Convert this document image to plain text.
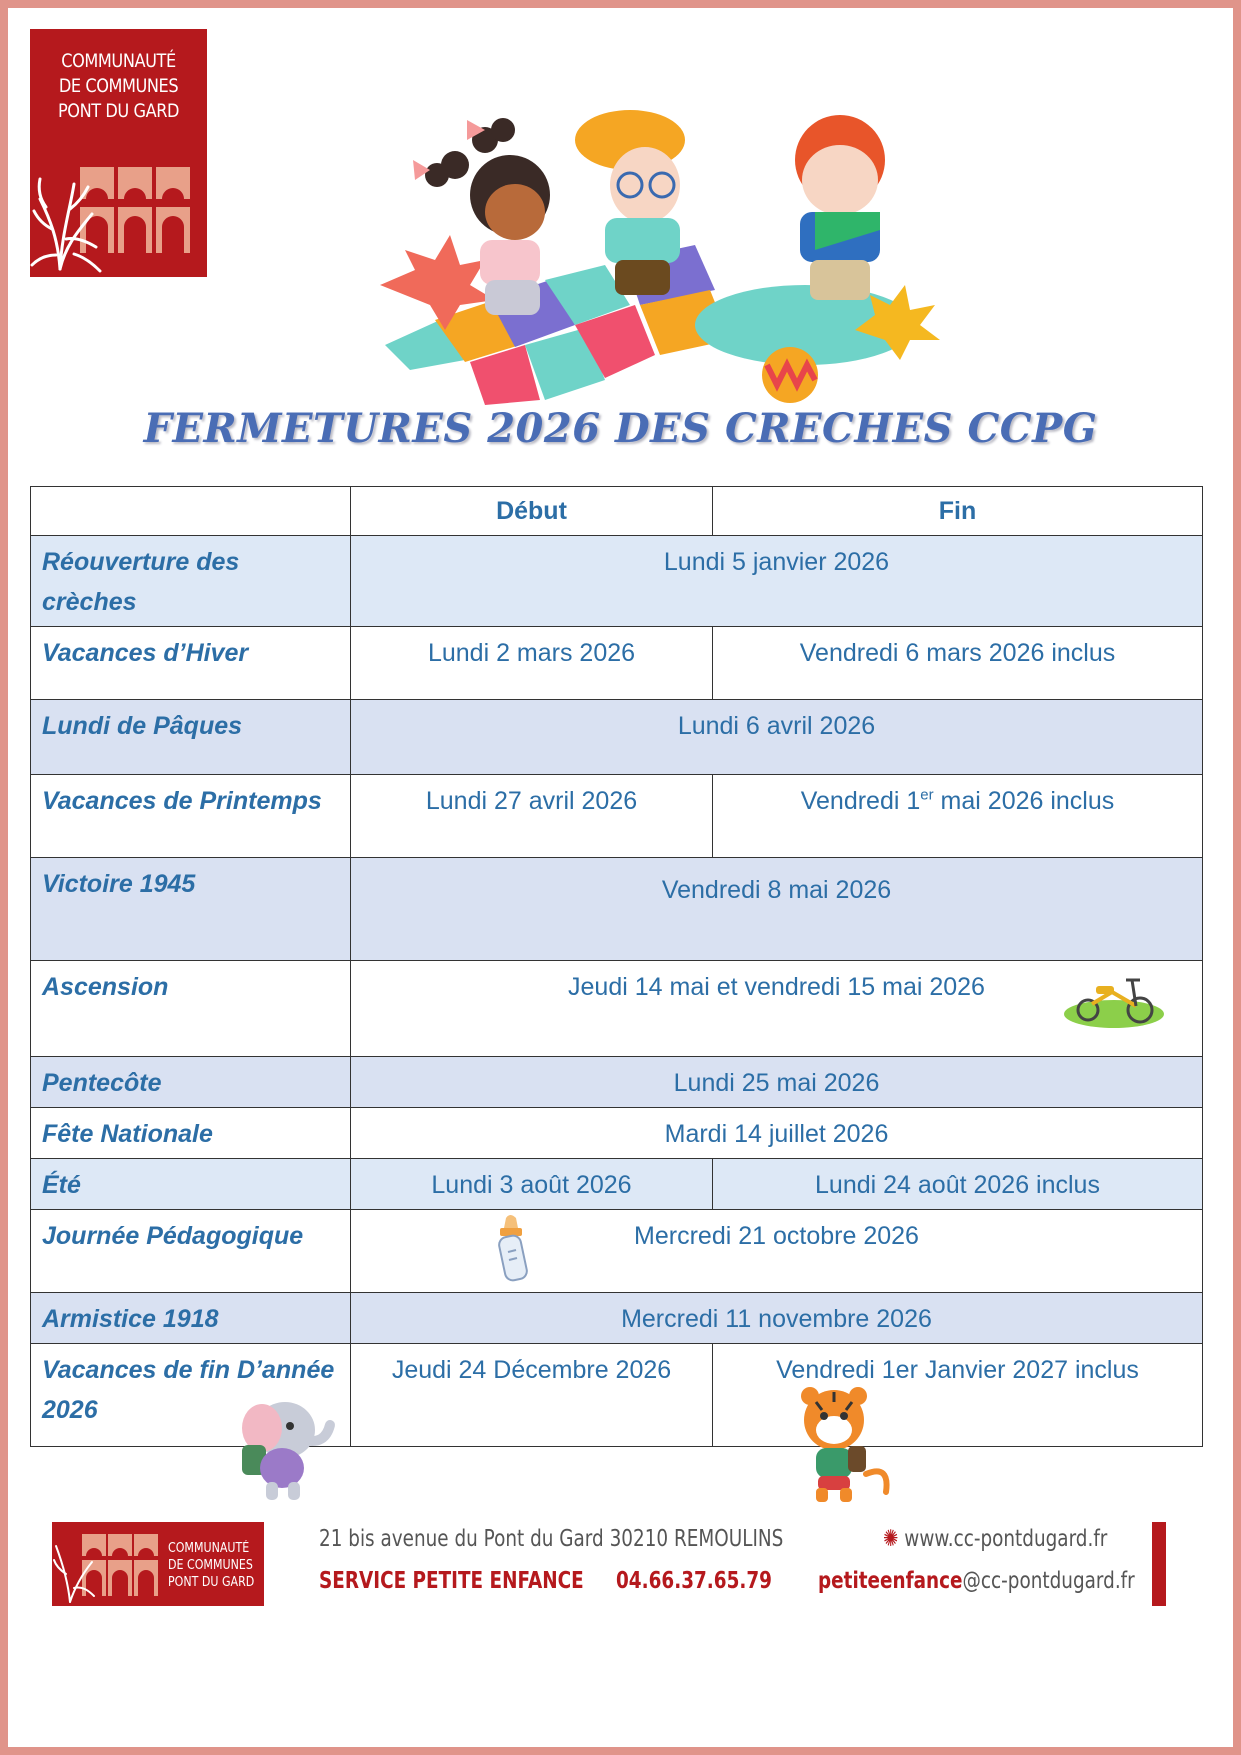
COMMUNAUTÉ
DE COMMUNES
PONT DU GARD
FERMETURES 2026 DES CRECHES CCPG
	Début	Fin
Réouverture des crèches	Lundi 5 janvier 2026	
Vacances d’Hiver	Lundi 2 mars 2026	Vendredi 6 mars 2026 inclus
Lundi de Pâques	Lundi 6 avril 2026	
Vacances de Printemps	Lundi 27 avril 2026	Vendredi 1er mai 2026 inclus
Victoire 1945	Vendredi 8 mai 2026	
Ascension	Jeudi 14 mai et vendredi 15 mai 2026	
Pentecôte	Lundi 25 mai 2026	
Fête Nationale	Mardi 14 juillet 2026	
Été	Lundi 3 août 2026	Lundi 24 août 2026 inclus
Journée Pédagogique	Mercredi 21 octobre 2026	
Armistice 1918	Mercredi 11 novembre 2026	
Vacances de fin D’année 2026	Jeudi 24 Décembre 2026	Vendredi 1er Janvier 2027 inclus
COMMUNAUTÉ
DE COMMUNES
PONT DU GARD
21 bis avenue du Pont du Gard 30210 REMOULINS	✺ www.cc-pontdugard.fr
SERVICE PETITE ENFANCE 04.66.37.65.79 petiteenfance@cc-pontdugard.fr
